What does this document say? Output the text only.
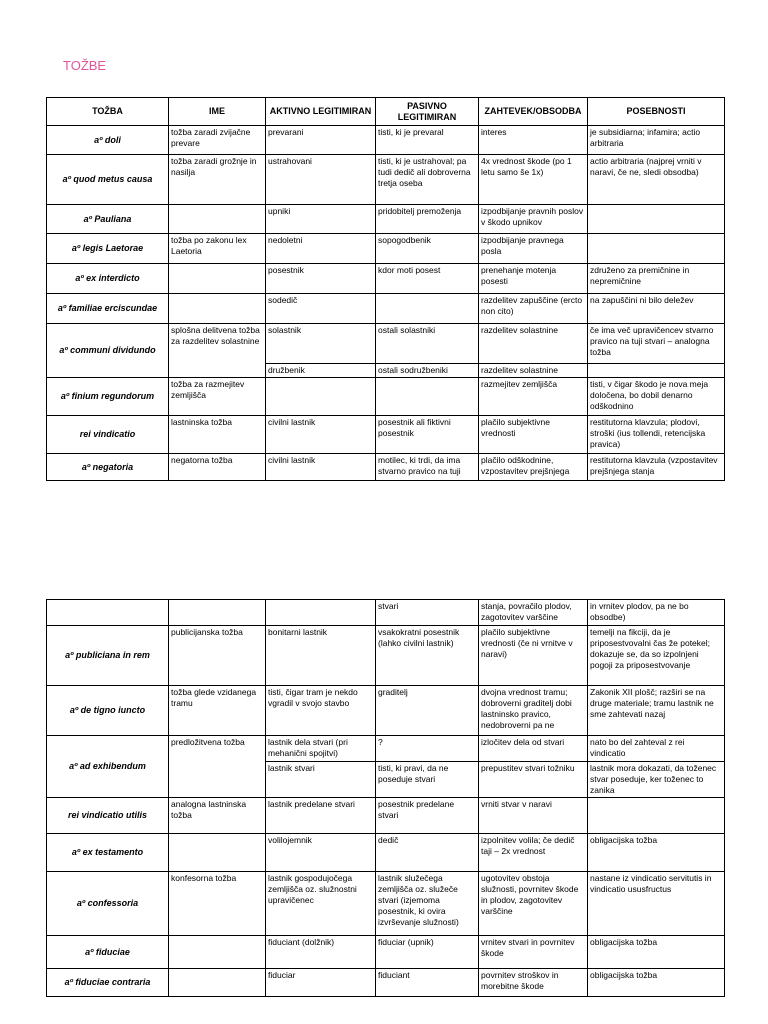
TOŽBE
TOŽBA	IME	AKTIVNO LEGITIMIRAN	PASIVNO LEGITIMIRAN	ZAHTEVEK/OBSODBA	POSEBNOSTI
aº doli	tožba zaradi zvijačne prevare	prevarani	tisti, ki je prevaral	interes	je subsidiarna; infamira; actio arbitraria
aº quod metus causa	tožba zaradi grožnje in nasilja	ustrahovani	tisti, ki je ustrahoval; pa tudi dedič ali dobroverna tretja oseba	4x vrednost škode (po 1 letu samo še 1x)	actio arbitraria (najprej vrniti v naravi, če ne, sledi obsodba)
aº Pauliana		upniki	pridobitelj premoženja	izpodbijanje pravnih poslov v škodo upnikov	
aº legis Laetorae	tožba po zakonu lex Laetoria	nedoletni	sopogodbenik	izpodbijanje pravnega posla	
aº ex interdicto		posestnik	kdor moti posest	prenehanje motenja posesti	združeno za premičnine in nepremičnine
aº familiae erciscundae		sodedič		razdelitev zapuščine (ercto non cito)	na zapuščini ni bilo deležev
aº communi dividundo	splošna delitvena tožba za razdelitev solastnine	solastnik	ostali solastniki	razdelitev solastnine	če ima več upravičencev stvarno pravico na tuji stvari – analogna tožba
		družbenik	ostali sodružbeniki	razdelitev solastnine	
aº finium regundorum	tožba za razmejitev zemljišča			razmejitev zemljišča	tisti, v čigar škodo je nova meja določena, bo dobil denarno odškodnino
rei vindicatio	lastninska tožba	civilni lastnik	posestnik ali fiktivni posestnik	plačilo subjektivne vrednosti	restitutorna klavzula; plodovi, stroški (ius tollendi, retencijska pravica)
aº negatoria	negatorna tožba	civilni lastnik	motilec, ki trdi, da ima stvarno pravico na tuji	plačilo odškodnine, vzpostavitev prejšnjega	restitutorna klavzula (vzpostavitev prejšnjega stanja
			stvari	stanja, povračilo plodov, zagotovitev varščine	in vrnitev plodov, pa ne bo obsodbe)
aº publiciana in rem	publicijanska tožba	bonitarni lastnik	vsakokratni posestnik (lahko civilni lastnik)	plačilo subjektivne vrednosti (če ni vrnitve v naravi)	temelji na fikciji, da je priposestvovalni čas že potekel; dokazuje se, da so izpolnjeni pogoji za priposestvovanje
aº de tigno iuncto	tožba glede vzidanega tramu	tisti, čigar tram je nekdo vgradil v svojo stavbo	graditelj	dvojna vrednost tramu; dobroverni graditelj dobi lastninsko pravico, nedobroverni pa ne	Zakonik XII plošč; razširi se na druge materiale; tramu lastnik ne sme zahtevati nazaj
aº ad exhibendum	predložitvena tožba	lastnik dela stvari (pri mehanični spojitvi)	?	izločitev dela od stvari	nato bo del zahteval z rei vindicatio
		lastnik stvari	tisti, ki pravi, da ne poseduje stvari	prepustitev stvari tožniku	lastnik mora dokazati, da toženec stvar poseduje, ker toženec to zanika
rei vindicatio utilis	analogna lastninska tožba	lastnik predelane stvari	posestnik predelane stvari	vrniti stvar v naravi	
aº ex testamento		volilojemnik	dedič	izpolnitev volila; če dedič taji – 2x vrednost	obligacijska tožba
aº confessoria	konfesorna tožba	lastnik gospodujočega zemljišča oz. služnostni upravičenec	lastnik služečega zemljišča oz. služeče stvari (izjemoma posestnik, ki ovira izvrševanje služnosti)	ugotovitev obstoja služnosti, povrnitev škode in plodov, zagotovitev varščine	nastane iz vindicatio servitutis in vindicatio ususfructus
aº fiduciae		fiduciant (dolžnik)	fiduciar (upnik)	vrnitev stvari in povrnitev škode	obligacijska tožba
aº fiduciae contraria		fiduciar	fiduciant	povrnitev stroškov in morebitne škode	obligacijska tožba
